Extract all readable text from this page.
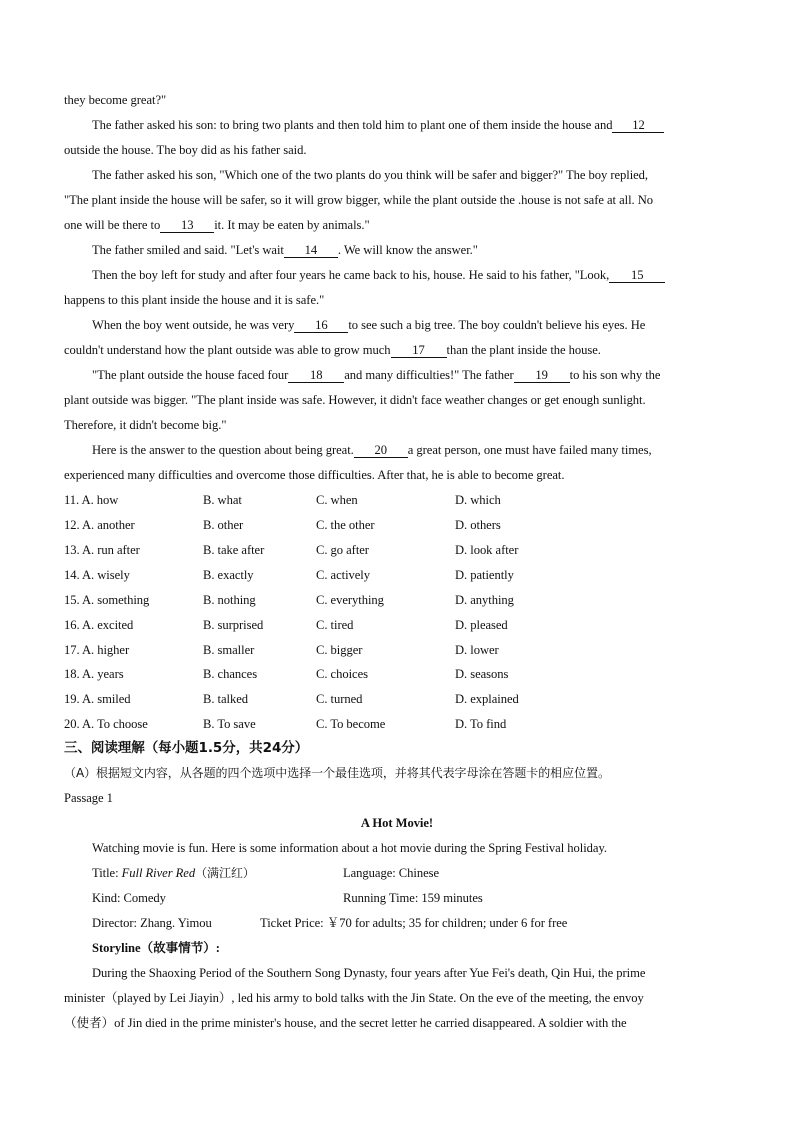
they become great?"
The father asked his son: to bring two plants and then told him to plant one of them inside the house and 12
outside the house. The boy did as his father said.
The father asked his son, "Which one of the two plants do you think will be safer and bigger?" The boy replied,
"The plant inside the house will be safer, so it will grow bigger, while the plant outside the .house is not safe at all. No
one will be there to 13 it. It may be eaten by animals."
The father smiled and said. "Let's wait 14 . We will know the answer."
Then the boy left for study and after four years he came back to his, house. He said to his father, "Look, 15
happens to this plant inside the house and it is safe."
When the boy went outside, he was very 16 to see such a big tree. The boy couldn't believe his eyes. He
couldn't understand how the plant outside was able to grow much 17 than the plant inside the house.
"The plant outside the house faced four 18 and many difficulties!" The father 19 to his son why the
plant outside was bigger. "The plant inside was safe. However, it didn't face weather changes or get enough sunlight.
Therefore, it didn't become big."
Here is the answer to the question about being great. 20 a great person, one must have failed many times,
experienced many difficulties and overcome those difficulties. After that, he is able to become great.
11. A. how	B. what	C. when	D. which
12. A. another	B. other	C. the other	D. others
13. A. run after	B. take after	C. go after	D. look after
14. A. wisely	B. exactly	C. actively	D. patiently
15. A. something	B. nothing	C. everything	D. anything
16. A. excited	B. surprised	C. tired	D. pleased
17. A. higher	B. smaller	C. bigger	D. lower
18. A. years	B. chances	C. choices	D. seasons
19. A. smiled	B. talked	C. turned	D. explained
20. A. To choose	B. To save	C. To become	D. To find
三、阅读理解（每小题1.5分，共24分）
（A）根据短文内容，从各题的四个选项中选择一个最佳选项，并将其代表字母涂在答题卡的相应位置。
Passage 1
A Hot Movie!
Watching movie is fun. Here is some information about a hot movie during the Spring Festival holiday.
Title: Full River Red（满江红）	Language: Chinese
Kind: Comedy	Running Time: 159 minutes
Director: Zhang. Yimou	Ticket Price: ￥70 for adults; 35 for children; under 6 for free
Storyline（故事情节）:
During the Shaoxing Period of the Southern Song Dynasty, four years after Yue Fei's death, Qin Hui, the prime
minister（played by Lei Jiayin）, led his army to bold talks with the Jin State. On the eve of the meeting, the envoy
（使者）of Jin died in the prime minister's house, and the secret letter he carried disappeared. A soldier with the
